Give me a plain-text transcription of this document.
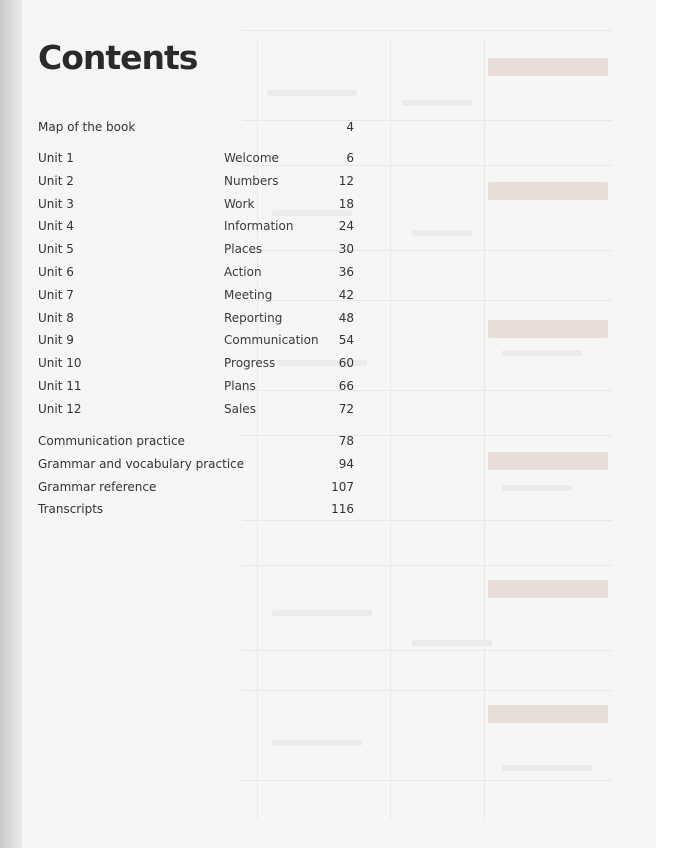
Contents
Map of the book	4
Unit 1	Welcome	6
Unit 2	Numbers	12
Unit 3	Work	18
Unit 4	Information	24
Unit 5	Places	30
Unit 6	Action	36
Unit 7	Meeting	42
Unit 8	Reporting	48
Unit 9	Communication	54
Unit 10	Progress	60
Unit 11	Plans	66
Unit 12	Sales	72
Communication practice	78
Grammar and vocabulary practice	94
Grammar reference	107
Transcripts	116
